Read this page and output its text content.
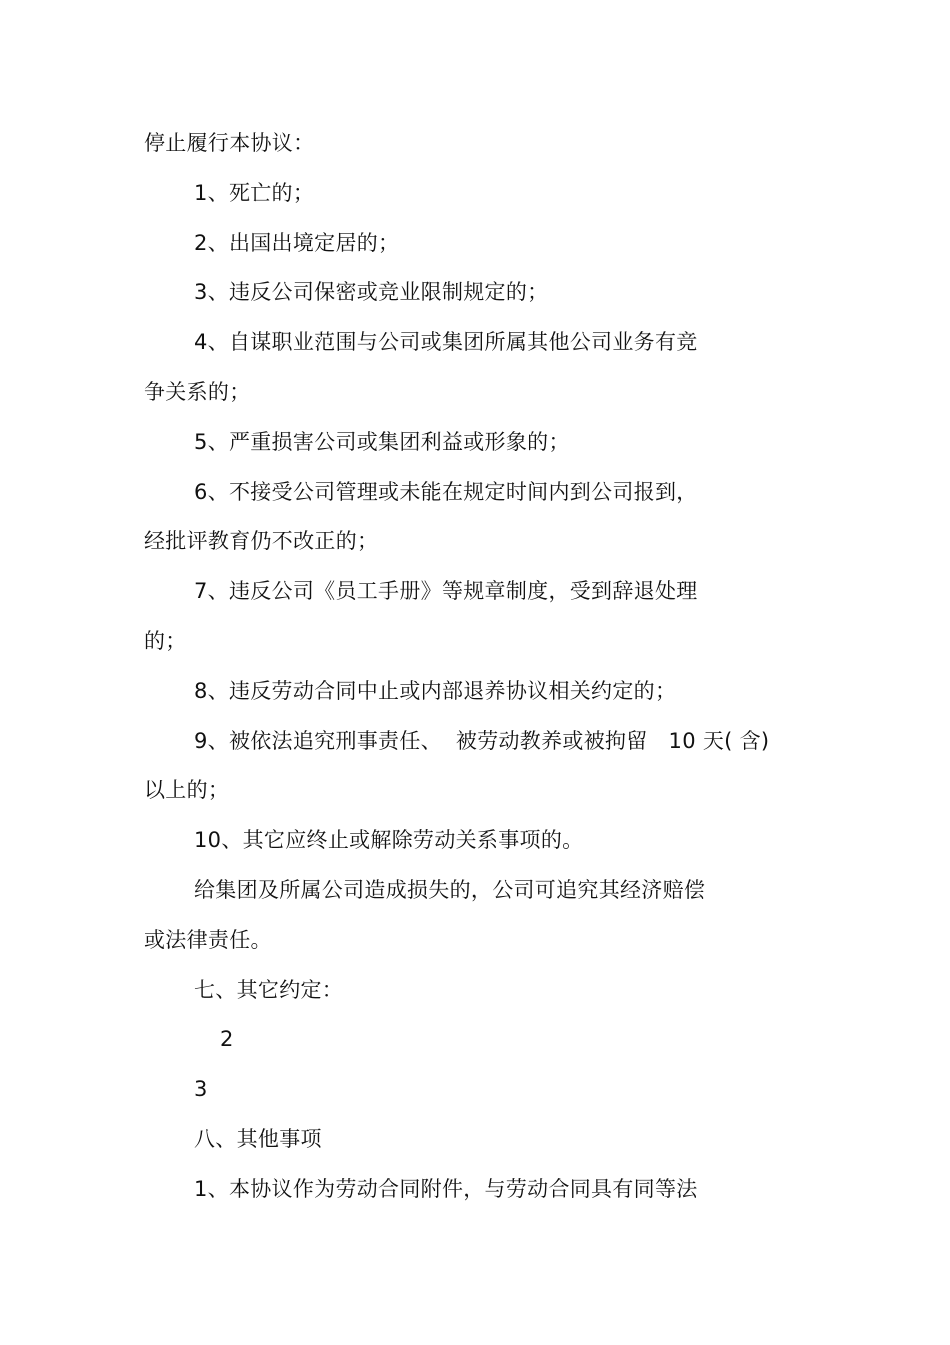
停止履行本协议：
1、死亡的；
2、出国出境定居的；
3、违反公司保密或竞业限制规定的；
4、自谋职业范围与公司或集团所属其他公司业务有竞
争关系的；
5、严重损害公司或集团利益或形象的；
6、不接受公司管理或未能在规定时间内到公司报到，
经批评教育仍不改正的；
7、违反公司《员工手册》等规章制度，受到辞退处理
的；
8、违反劳动合同中止或内部退养协议相关约定的；
9、被依法追究刑事责任、  被劳动教养或被拘留   10 天( 含)
以上的；
10、其它应终止或解除劳动关系事项的。
给集团及所属公司造成损失的，公司可追究其经济赔偿
或法律责任。
七、其它约定：
2
3
八、其他事项
1、本协议作为劳动合同附件，与劳动合同具有同等法
